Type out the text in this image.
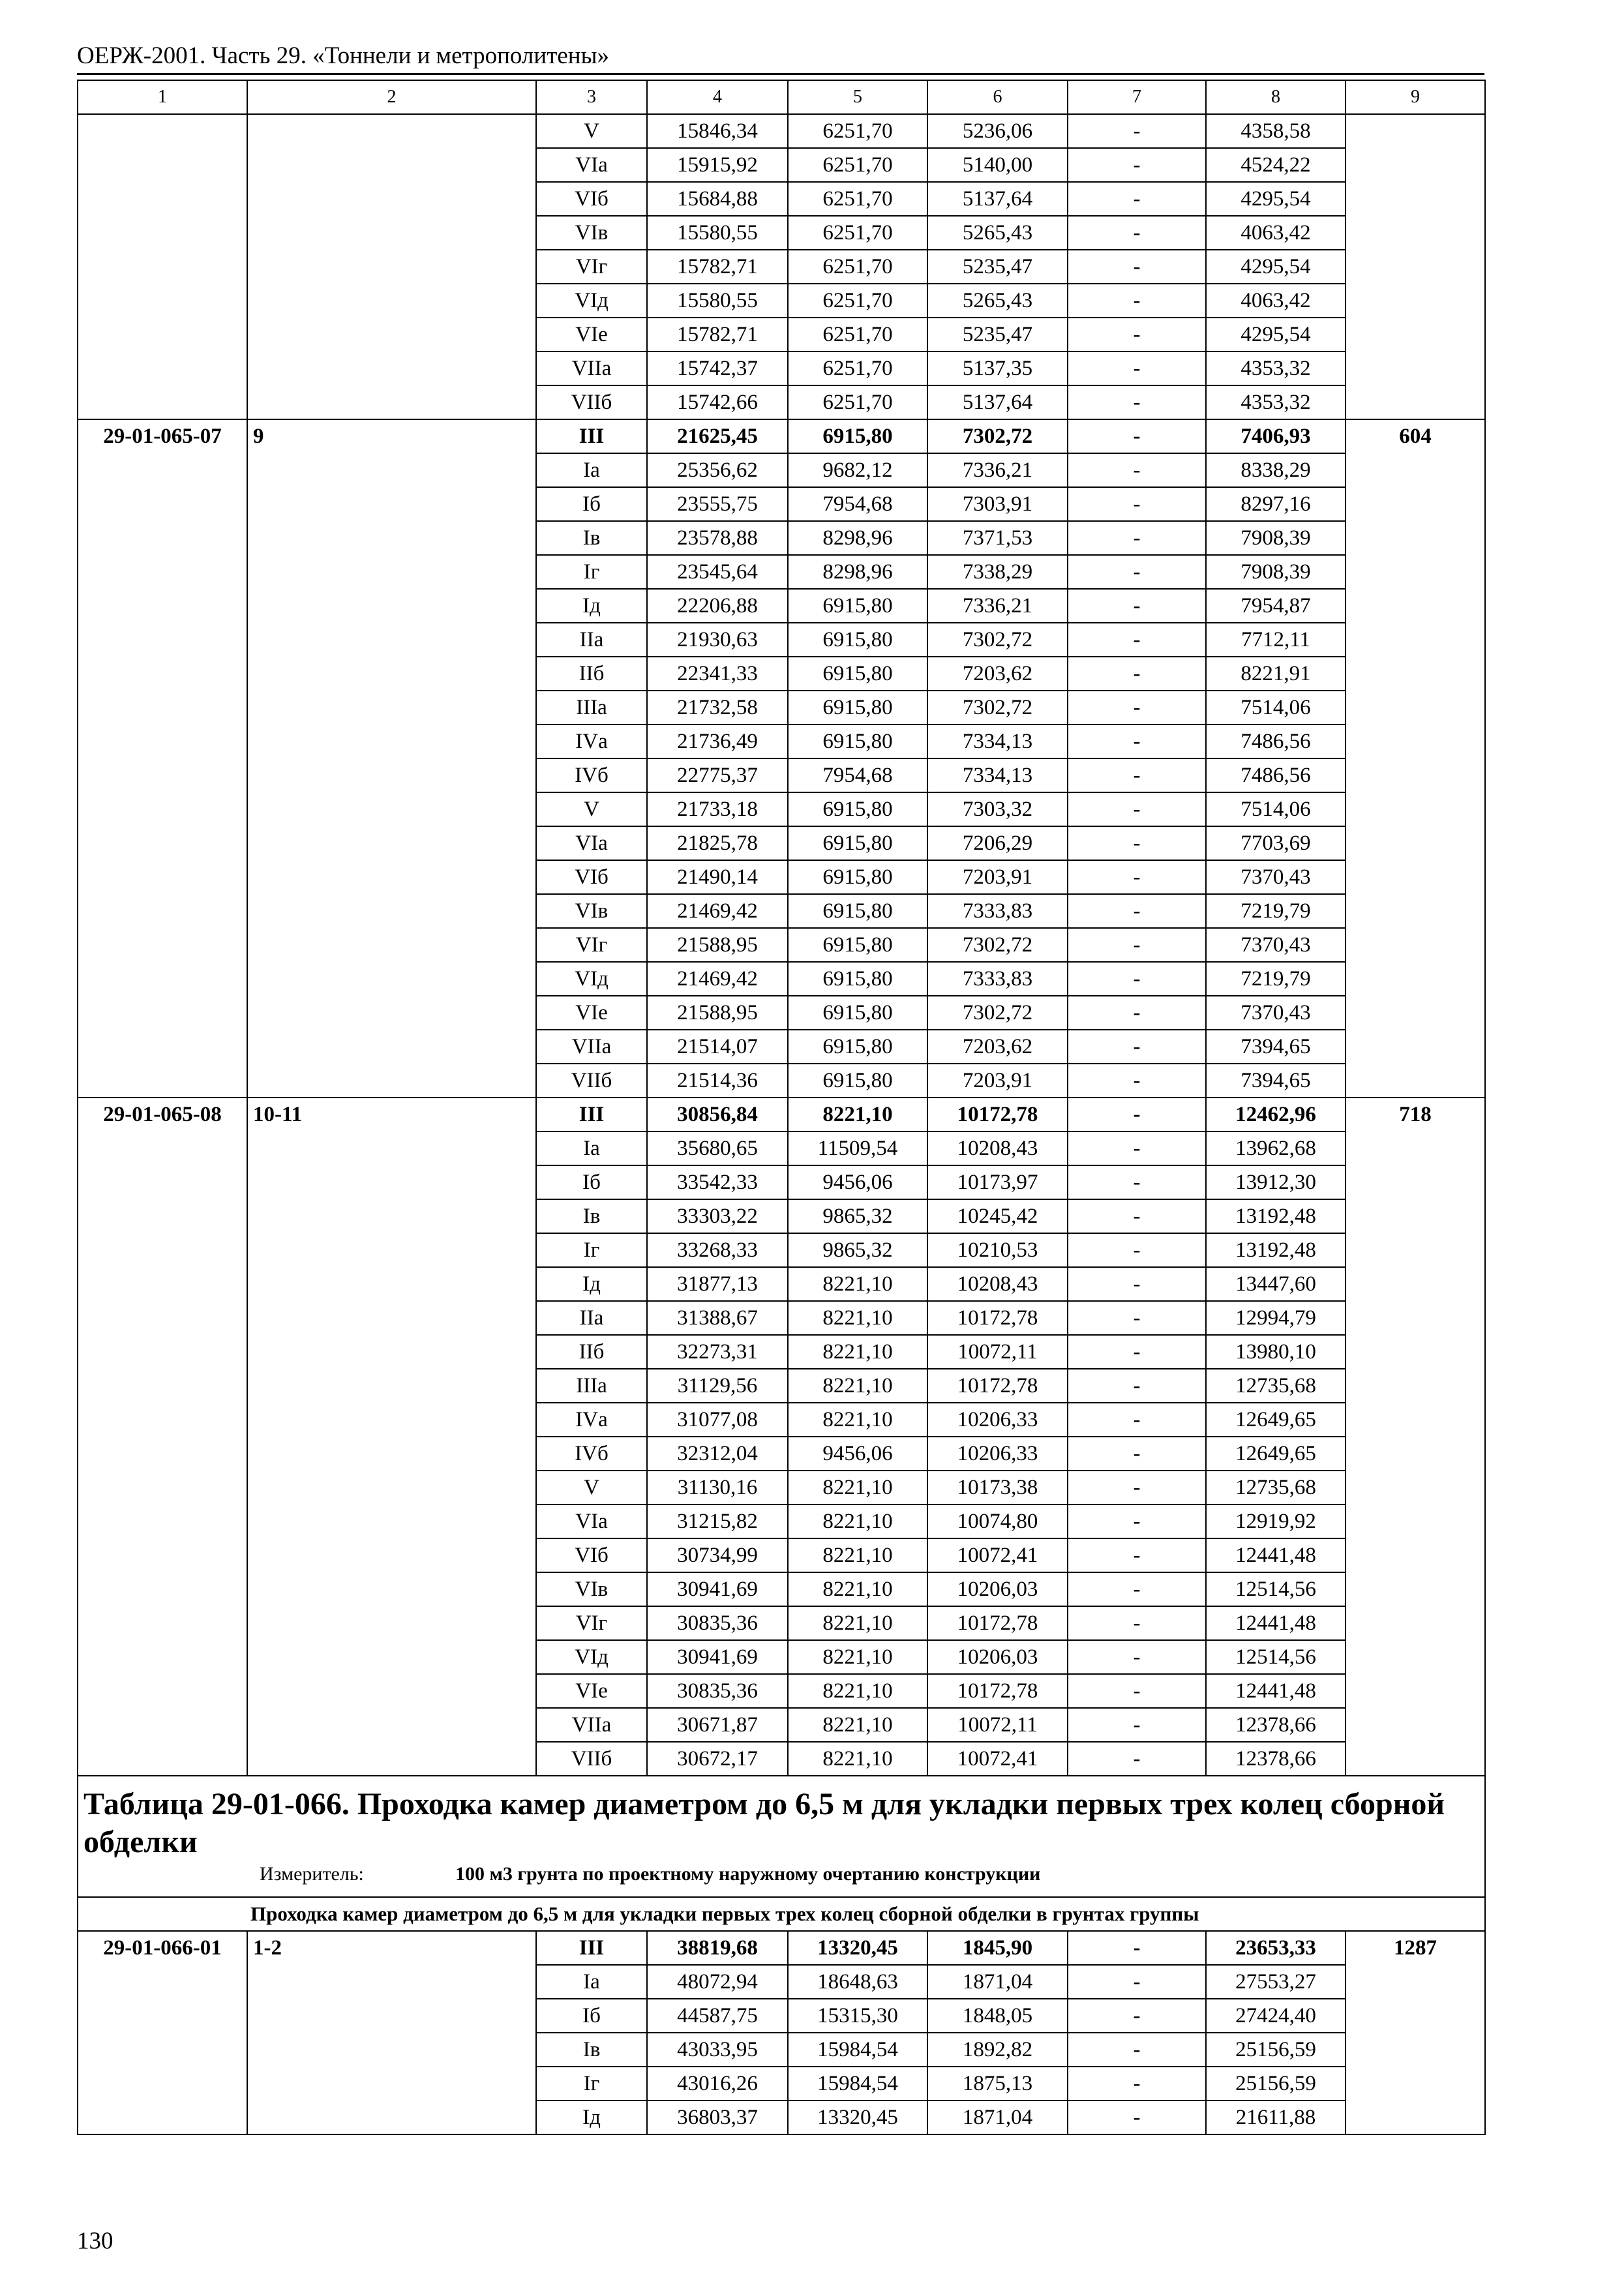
ОЕРЖ-2001. Часть 29. «Тоннели и метрополитены»
1	2	3	4	5	6	7	8	9
		V	15846,34	6251,70	5236,06	-	4358,58	
		VIа	15915,92	6251,70	5140,00	-	4524,22	
		VIб	15684,88	6251,70	5137,64	-	4295,54	
		VIв	15580,55	6251,70	5265,43	-	4063,42	
		VIг	15782,71	6251,70	5235,47	-	4295,54	
		VIд	15580,55	6251,70	5265,43	-	4063,42	
		VIе	15782,71	6251,70	5235,47	-	4295,54	
		VIIа	15742,37	6251,70	5137,35	-	4353,32	
		VIIб	15742,66	6251,70	5137,64	-	4353,32	
29-01-065-07	9	III	21625,45	6915,80	7302,72	-	7406,93	604
		Iа	25356,62	9682,12	7336,21	-	8338,29	
		Iб	23555,75	7954,68	7303,91	-	8297,16	
		Iв	23578,88	8298,96	7371,53	-	7908,39	
		Iг	23545,64	8298,96	7338,29	-	7908,39	
		Iд	22206,88	6915,80	7336,21	-	7954,87	
		IIа	21930,63	6915,80	7302,72	-	7712,11	
		IIб	22341,33	6915,80	7203,62	-	8221,91	
		IIIа	21732,58	6915,80	7302,72	-	7514,06	
		IVа	21736,49	6915,80	7334,13	-	7486,56	
		IVб	22775,37	7954,68	7334,13	-	7486,56	
		V	21733,18	6915,80	7303,32	-	7514,06	
		VIа	21825,78	6915,80	7206,29	-	7703,69	
		VIб	21490,14	6915,80	7203,91	-	7370,43	
		VIв	21469,42	6915,80	7333,83	-	7219,79	
		VIг	21588,95	6915,80	7302,72	-	7370,43	
		VIд	21469,42	6915,80	7333,83	-	7219,79	
		VIе	21588,95	6915,80	7302,72	-	7370,43	
		VIIа	21514,07	6915,80	7203,62	-	7394,65	
		VIIб	21514,36	6915,80	7203,91	-	7394,65	
29-01-065-08	10-11	III	30856,84	8221,10	10172,78	-	12462,96	718
		Iа	35680,65	11509,54	10208,43	-	13962,68	
		Iб	33542,33	9456,06	10173,97	-	13912,30	
		Iв	33303,22	9865,32	10245,42	-	13192,48	
		Iг	33268,33	9865,32	10210,53	-	13192,48	
		Iд	31877,13	8221,10	10208,43	-	13447,60	
		IIа	31388,67	8221,10	10172,78	-	12994,79	
		IIб	32273,31	8221,10	10072,11	-	13980,10	
		IIIа	31129,56	8221,10	10172,78	-	12735,68	
		IVа	31077,08	8221,10	10206,33	-	12649,65	
		IVб	32312,04	9456,06	10206,33	-	12649,65	
		V	31130,16	8221,10	10173,38	-	12735,68	
		VIа	31215,82	8221,10	10074,80	-	12919,92	
		VIб	30734,99	8221,10	10072,41	-	12441,48	
		VIв	30941,69	8221,10	10206,03	-	12514,56	
		VIг	30835,36	8221,10	10172,78	-	12441,48	
		VIд	30941,69	8221,10	10206,03	-	12514,56	
		VIе	30835,36	8221,10	10172,78	-	12441,48	
		VIIа	30671,87	8221,10	10072,11	-	12378,66	
		VIIб	30672,17	8221,10	10072,41	-	12378,66	

Таблица 29-01-066. Проходка камер диаметром до 6,5 м для укладки первых трех колец сборной обделки
Измеритель: 100 м3 грунта по проектному наружному очертанию конструкции								

Проходка камер диаметром до 6,5 м для укладки первых трех колец сборной обделки в грунтах группы								
29-01-066-01	1-2	III	38819,68	13320,45	1845,90	-	23653,33	1287
		Iа	48072,94	18648,63	1871,04	-	27553,27	
		Iб	44587,75	15315,30	1848,05	-	27424,40	
		Iв	43033,95	15984,54	1892,82	-	25156,59	
		Iг	43016,26	15984,54	1875,13	-	25156,59	
		Iд	36803,37	13320,45	1871,04	-	21611,88	
130
